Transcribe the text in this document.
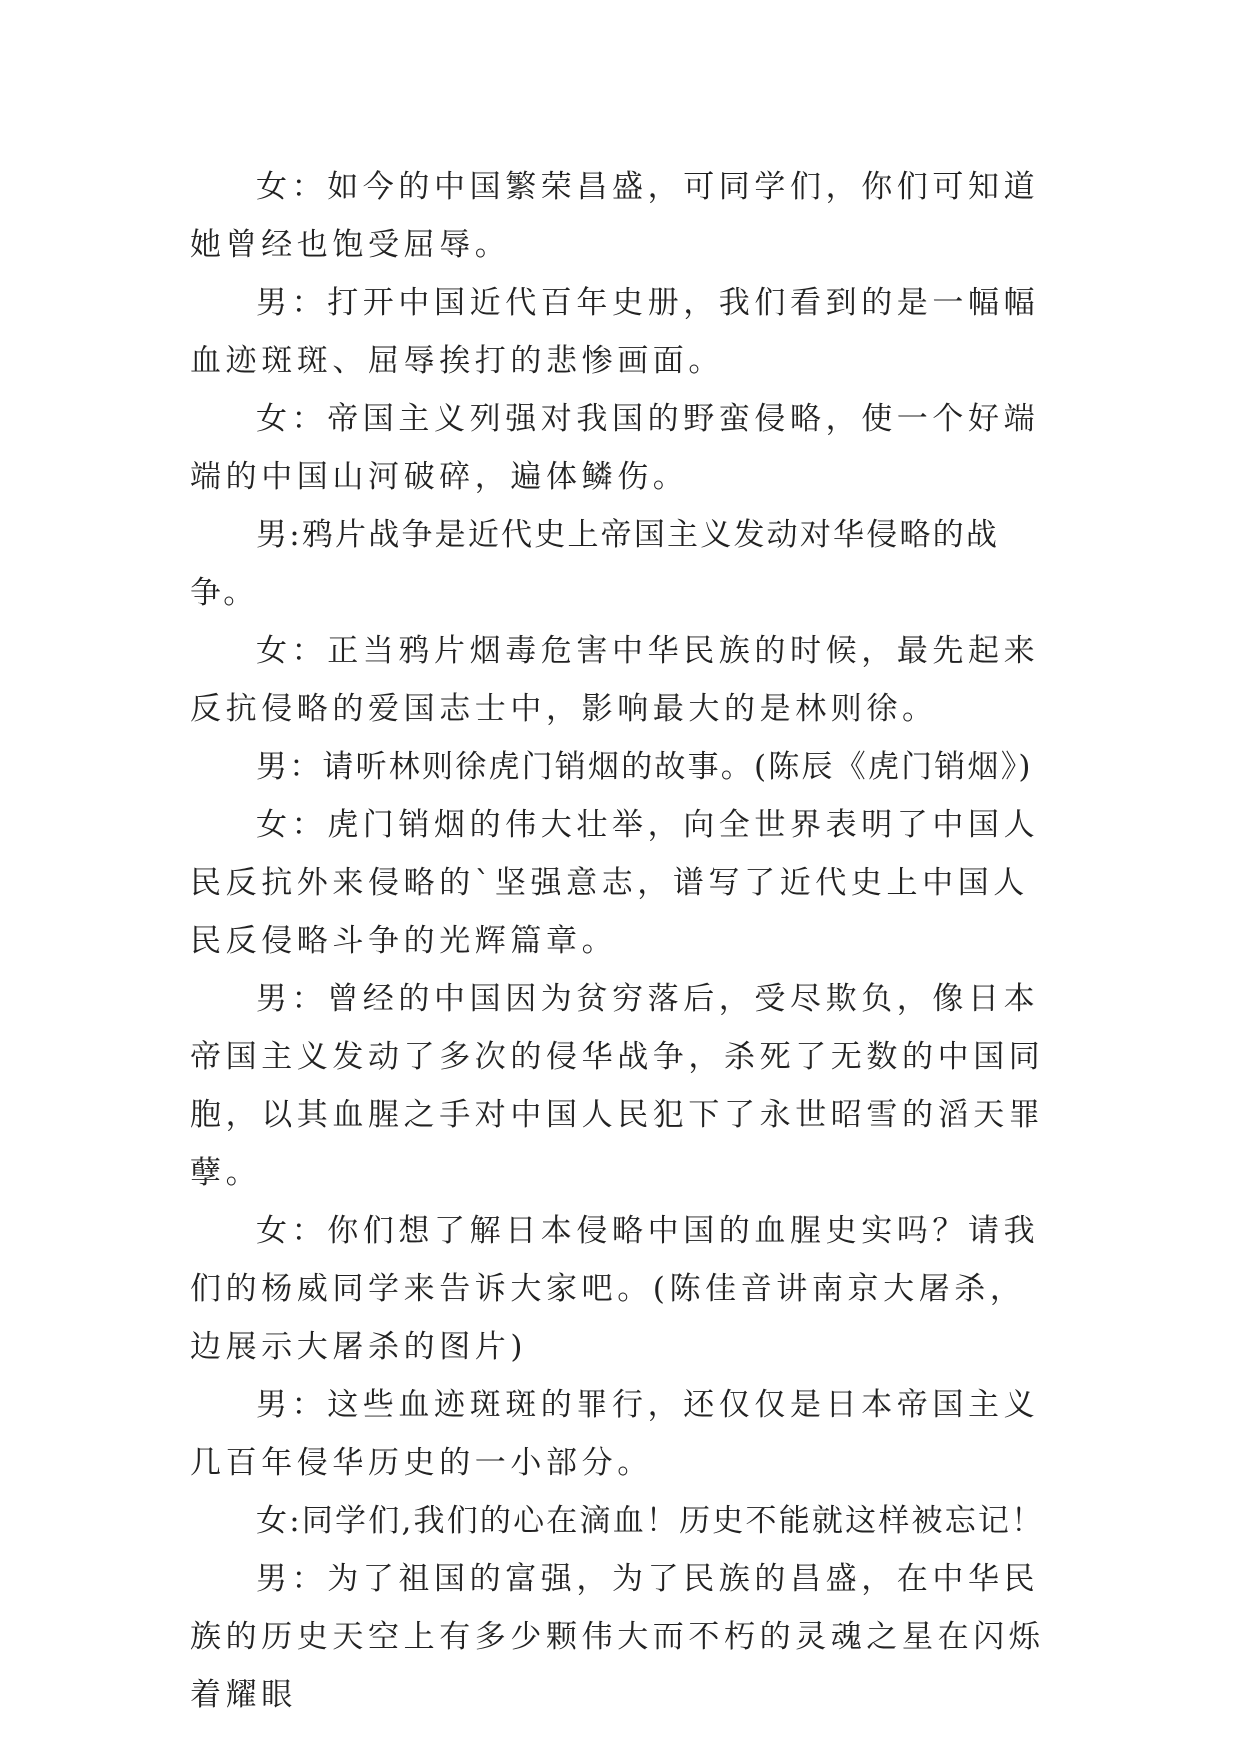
女：如今的中国繁荣昌盛，可同学们，你们可知道她曾经也饱受屈辱。

男：打开中国近代百年史册，我们看到的是一幅幅血迹斑斑、屈辱挨打的悲惨画面。

女：帝国主义列强对我国的野蛮侵略，使一个好端端的中国山河破碎，遍体鳞伤。

男:鸦片战争是近代史上帝国主义发动对华侵略的战争。

女：正当鸦片烟毒危害中华民族的时候，最先起来反抗侵略的爱国志士中，影响最大的是林则徐。

男：请听林则徐虎门销烟的故事。(陈辰《虎门销烟》)

女：虎门销烟的伟大壮举，向全世界表明了中国人民反抗外来侵略的`坚强意志，谱写了近代史上中国人民反侵略斗争的光辉篇章。

男：曾经的中国因为贫穷落后，受尽欺负，像日本帝国主义发动了多次的侵华战争，杀死了无数的中国同胞，以其血腥之手对中国人民犯下了永世昭雪的滔天罪孽。

女：你们想了解日本侵略中国的血腥史实吗？请我们的杨威同学来告诉大家吧。(陈佳音讲南京大屠杀，边展示大屠杀的图片)

男：这些血迹斑斑的罪行，还仅仅是日本帝国主义几百年侵华历史的一小部分。

女:同学们,我们的心在滴血！历史不能就这样被忘记！

男：为了祖国的富强，为了民族的昌盛，在中华民族的历史天空上有多少颗伟大而不朽的灵魂之星在闪烁着耀眼
